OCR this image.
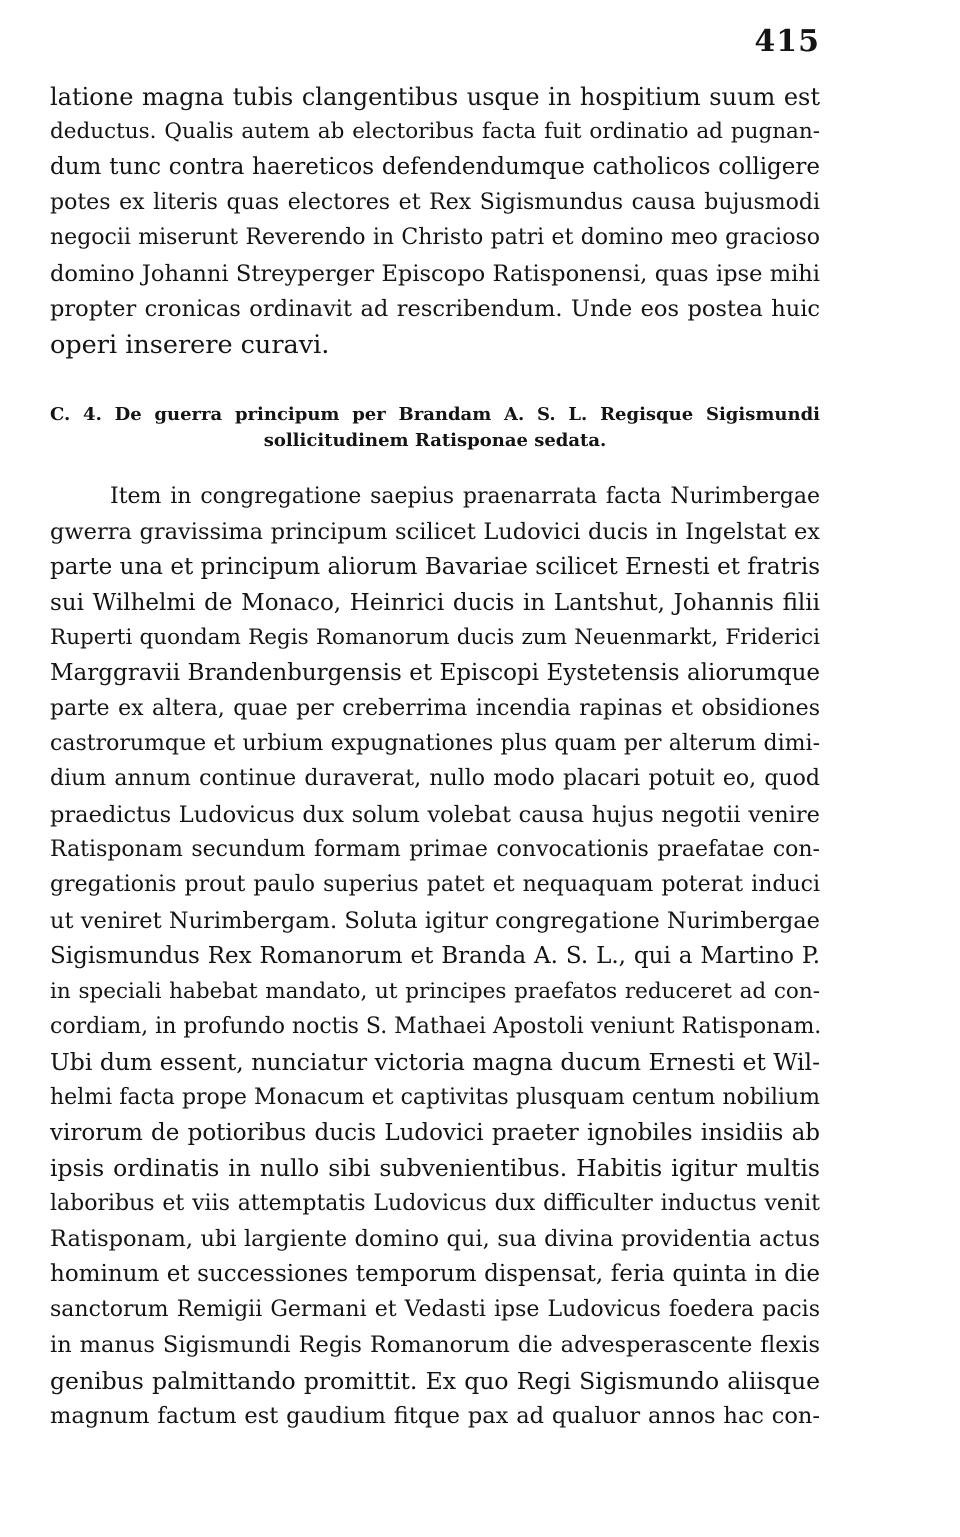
415
latione magna tubis clangentibus usque in hospitium suum est
deductus. Qualis autem ab electoribus facta fuit ordinatio ad pugnan-
dum tunc contra haereticos defendendumque catholicos colligere
potes ex literis quas electores et Rex Sigismundus causa bujusmodi
negocii miserunt Reverendo in Christo patri et domino meo gracioso
domino Johanni Streyperger Episcopo Ratisponensi, quas ipse mihi
propter cronicas ordinavit ad rescribendum. Unde eos postea huic
operi inserere curavi.
C. 4. De guerra principum per Brandam A. S. L. Regisque Sigismundi
sollicitudinem Ratisponae sedata.
Item in congregatione saepius praenarrata facta Nurimbergae
gwerra gravissima principum scilicet Ludovici ducis in Ingelstat ex
parte una et principum aliorum Bavariae scilicet Ernesti et fratris
sui Wilhelmi de Monaco, Heinrici ducis in Lantshut, Johannis filii
Ruperti quondam Regis Romanorum ducis zum Neuenmarkt, Friderici
Marggravii Brandenburgensis et Episcopi Eystetensis aliorumque
parte ex altera, quae per creberrima incendia rapinas et obsidiones
castrorumque et urbium expugnationes plus quam per alterum dimi-
dium annum continue duraverat, nullo modo placari potuit eo, quod
praedictus Ludovicus dux solum volebat causa hujus negotii venire
Ratisponam secundum formam primae convocationis praefatae con-
gregationis prout paulo superius patet et nequaquam poterat induci
ut veniret Nurimbergam. Soluta igitur congregatione Nurimbergae
Sigismundus Rex Romanorum et Branda A. S. L., qui a Martino P.
in speciali habebat mandato, ut principes praefatos reduceret ad con-
cordiam, in profundo noctis S. Mathaei Apostoli veniunt Ratisponam.
Ubi dum essent, nunciatur victoria magna ducum Ernesti et Wil-
helmi facta prope Monacum et captivitas plusquam centum nobilium
virorum de potioribus ducis Ludovici praeter ignobiles insidiis ab
ipsis ordinatis in nullo sibi subvenientibus. Habitis igitur multis
laboribus et viis attemptatis Ludovicus dux difficulter inductus venit
Ratisponam, ubi largiente domino qui, sua divina providentia actus
hominum et successiones temporum dispensat, feria quinta in die
sanctorum Remigii Germani et Vedasti ipse Ludovicus foedera pacis
in manus Sigismundi Regis Romanorum die advesperascente flexis
genibus palmittando promittit. Ex quo Regi Sigismundo aliisque
magnum factum est gaudium fitque pax ad qualuor annos hac con-
